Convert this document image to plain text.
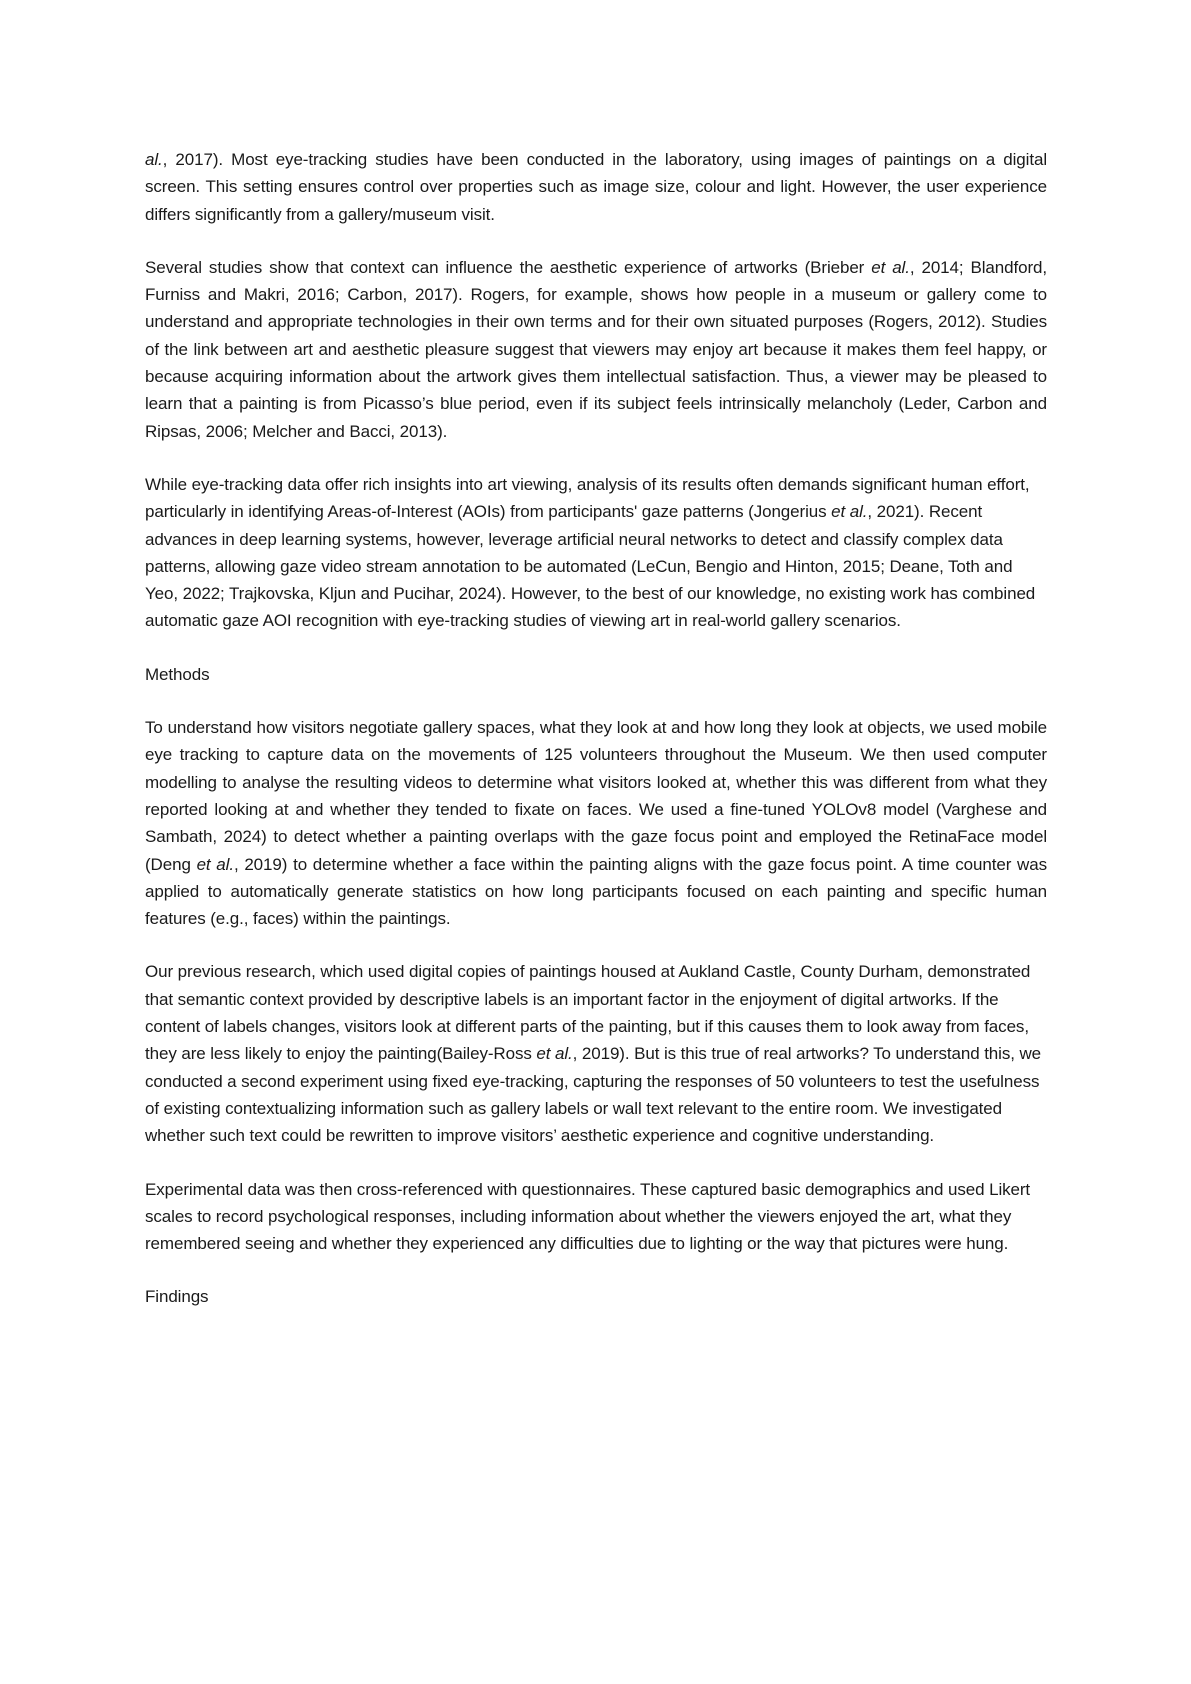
al., 2017). Most eye-tracking studies have been conducted in the laboratory, using images of paintings on a digital screen. This setting ensures control over properties such as image size, colour and light. However, the user experience differs significantly from a gallery/museum visit.

Several studies show that context can influence the aesthetic experience of artworks (Brieber et al., 2014; Blandford, Furniss and Makri, 2016; Carbon, 2017). Rogers, for example, shows how people in a museum or gallery come to understand and appropriate technologies in their own terms and for their own situated purposes (Rogers, 2012). Studies of the link between art and aesthetic pleasure suggest that viewers may enjoy art because it makes them feel happy, or because acquiring information about the artwork gives them intellectual satisfaction. Thus, a viewer may be pleased to learn that a painting is from Picasso’s blue period, even if its subject feels intrinsically melancholy (Leder, Carbon and Ripsas, 2006; Melcher and Bacci, 2013).

While eye-tracking data offer rich insights into art viewing, analysis of its results often demands significant human effort, particularly in identifying Areas-of-Interest (AOIs) from participants' gaze patterns (Jongerius et al., 2021). Recent advances in deep learning systems, however, leverage artificial neural networks to detect and classify complex data patterns, allowing gaze video stream annotation to be automated (LeCun, Bengio and Hinton, 2015; Deane, Toth and Yeo, 2022; Trajkovska, Kljun and Pucihar, 2024). However, to the best of our knowledge, no existing work has combined automatic gaze AOI recognition with eye-tracking studies of viewing art in real-world gallery scenarios.

Methods

To understand how visitors negotiate gallery spaces, what they look at and how long they look at objects, we used mobile eye tracking to capture data on the movements of 125 volunteers throughout the Museum. We then used computer modelling to analyse the resulting videos to determine what visitors looked at, whether this was different from what they reported looking at and whether they tended to fixate on faces. We used a fine-tuned YOLOv8 model (Varghese and Sambath, 2024) to detect whether a painting overlaps with the gaze focus point and employed the RetinaFace model (Deng et al., 2019) to determine whether a face within the painting aligns with the gaze focus point. A time counter was applied to automatically generate statistics on how long participants focused on each painting and specific human features (e.g., faces) within the paintings.

Our previous research, which used digital copies of paintings housed at Aukland Castle, County Durham, demonstrated that semantic context provided by descriptive labels is an important factor in the enjoyment of digital artworks. If the content of labels changes, visitors look at different parts of the painting, but if this causes them to look away from faces, they are less likely to enjoy the painting(Bailey-Ross et al., 2019). But is this true of real artworks? To understand this, we conducted a second experiment using fixed eye-tracking, capturing the responses of 50 volunteers to test the usefulness of existing contextualizing information such as gallery labels or wall text relevant to the entire room. We investigated whether such text could be rewritten to improve visitors’ aesthetic experience and cognitive understanding.

Experimental data was then cross-referenced with questionnaires. These captured basic demographics and used Likert scales to record psychological responses, including information about whether the viewers enjoyed the art, what they remembered seeing and whether they experienced any difficulties due to lighting or the way that pictures were hung.

Findings
